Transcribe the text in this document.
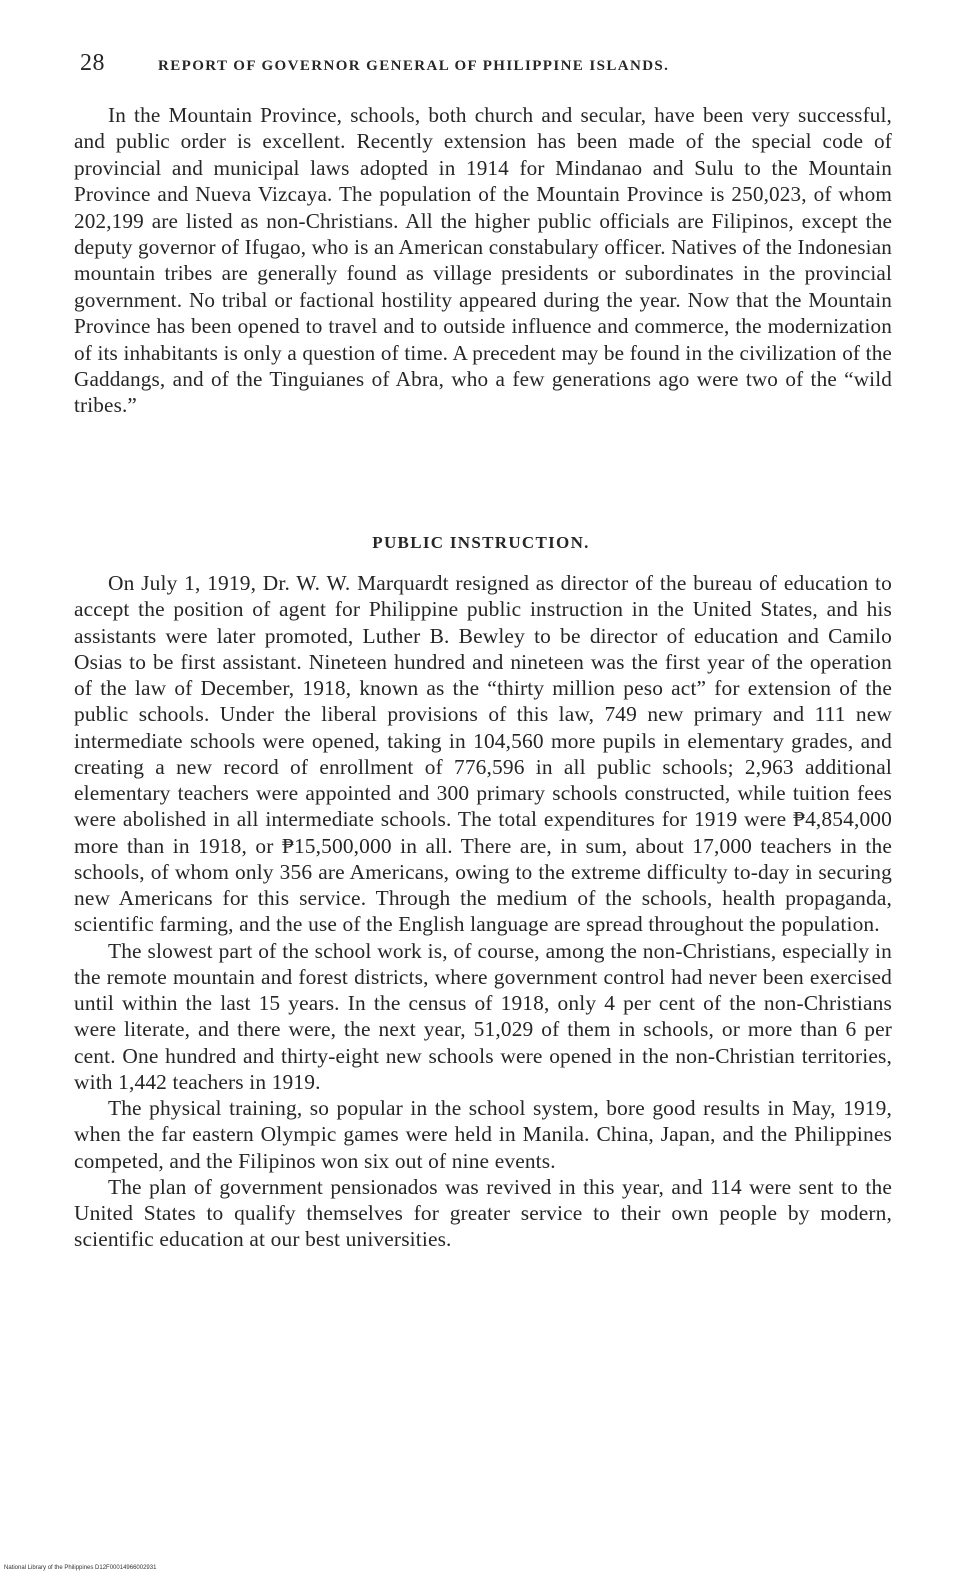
28	REPORT OF GOVERNOR GENERAL OF PHILIPPINE ISLANDS.

In the Mountain Province, schools, both church and secular, have been very successful, and public order is excellent. Recently extension has been made of the special code of provincial and municipal laws adopted in 1914 for Mindanao and Sulu to the Mountain Province and Nueva Vizcaya. The population of the Mountain Province is 250,023, of whom 202,199 are listed as non-Christians. All the higher public officials are Filipinos, except the deputy governor of Ifugao, who is an American constabulary officer. Natives of the Indonesian mountain tribes are generally found as village presidents or subordinates in the provincial government. No tribal or factional hostility appeared during the year. Now that the Mountain Province has been opened to travel and to outside influence and commerce, the modernization of its inhabitants is only a question of time. A precedent may be found in the civilization of the Gaddangs, and of the Tinguianes of Abra, who a few generations ago were two of the “wild tribes.”

PUBLIC INSTRUCTION.

On July 1, 1919, Dr. W. W. Marquardt resigned as director of the bureau of education to accept the position of agent for Philippine public instruction in the United States, and his assistants were later promoted, Luther B. Bewley to be director of education and Camilo Osias to be first assistant. Nineteen hundred and nineteen was the first year of the operation of the law of December, 1918, known as the “thirty million peso act” for extension of the public schools. Under the liberal provisions of this law, 749 new primary and 111 new intermediate schools were opened, taking in 104,560 more pupils in elementary grades, and creating a new record of enrollment of 776,596 in all public schools; 2,963 additional elementary teachers were appointed and 300 primary schools constructed, while tuition fees were abolished in all intermediate schools. The total expenditures for 1919 were ₱4,854,000 more than in 1918, or ₱15,500,000 in all. There are, in sum, about 17,000 teachers in the schools, of whom only 356 are Americans, owing to the extreme difficulty to-day in securing new Americans for this service. Through the medium of the schools, health propaganda, scientific farming, and the use of the English language are spread throughout the population.

The slowest part of the school work is, of course, among the non-Christians, especially in the remote mountain and forest districts, where government control had never been exercised until within the last 15 years. In the census of 1918, only 4 per cent of the non-Christians were literate, and there were, the next year, 51,029 of them in schools, or more than 6 per cent. One hundred and thirty-eight new schools were opened in the non-Christian territories, with 1,442 teachers in 1919.

The physical training, so popular in the school system, bore good results in May, 1919, when the far eastern Olympic games were held in Manila. China, Japan, and the Philippines competed, and the Filipinos won six out of nine events.

The plan of government pensionados was revived in this year, and 114 were sent to the United States to qualify themselves for greater service to their own people by modern, scientific education at our best universities.

National Library of the Philippines D12F00014966002931
